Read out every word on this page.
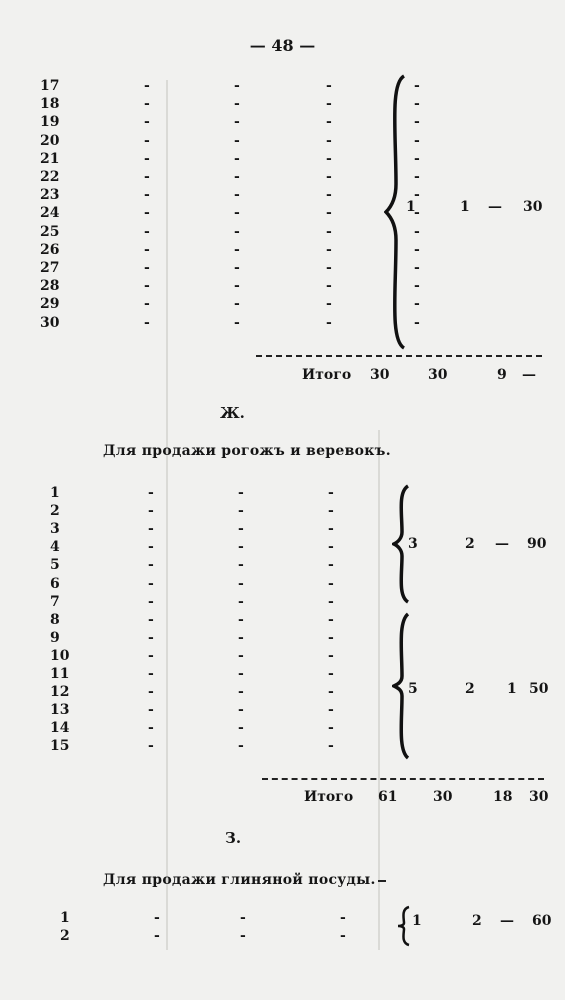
— 48 —
17	-	-	-	-
18	-	-	-	-
19	-	-	-	-
20	-	-	-	-
21	-	-	-	-
22	-	-	-	-
23	-	-	-	-
24	-	-	-	-
25	-	-	-	-
26	-	-	-	-
27	-	-	-	-
28	-	-	-	-
29	-	-	-	-
30	-	-	-	-
1	1 — 30
Итого 30	30	9 —
Ж.
Для продажи рогожъ и веревокъ.
1	-	-	-
2	-	-	-
3	-	-	-
4	-	-	-
5	-	-	-
6	-	-	-
7	-	-	-
8	-	-	-
9	-	-	-
10	-	-	-
11	-	-	-
12	-	-	-
13	-	-	-
14	-	-	-
15	-	-	-
3	2 — 90
5	2 1 50
Итого 61	30	18 30
З.
Для продажи глиняной посуды.
1	-	-	-
2	-	-	-
1	2 — 60
